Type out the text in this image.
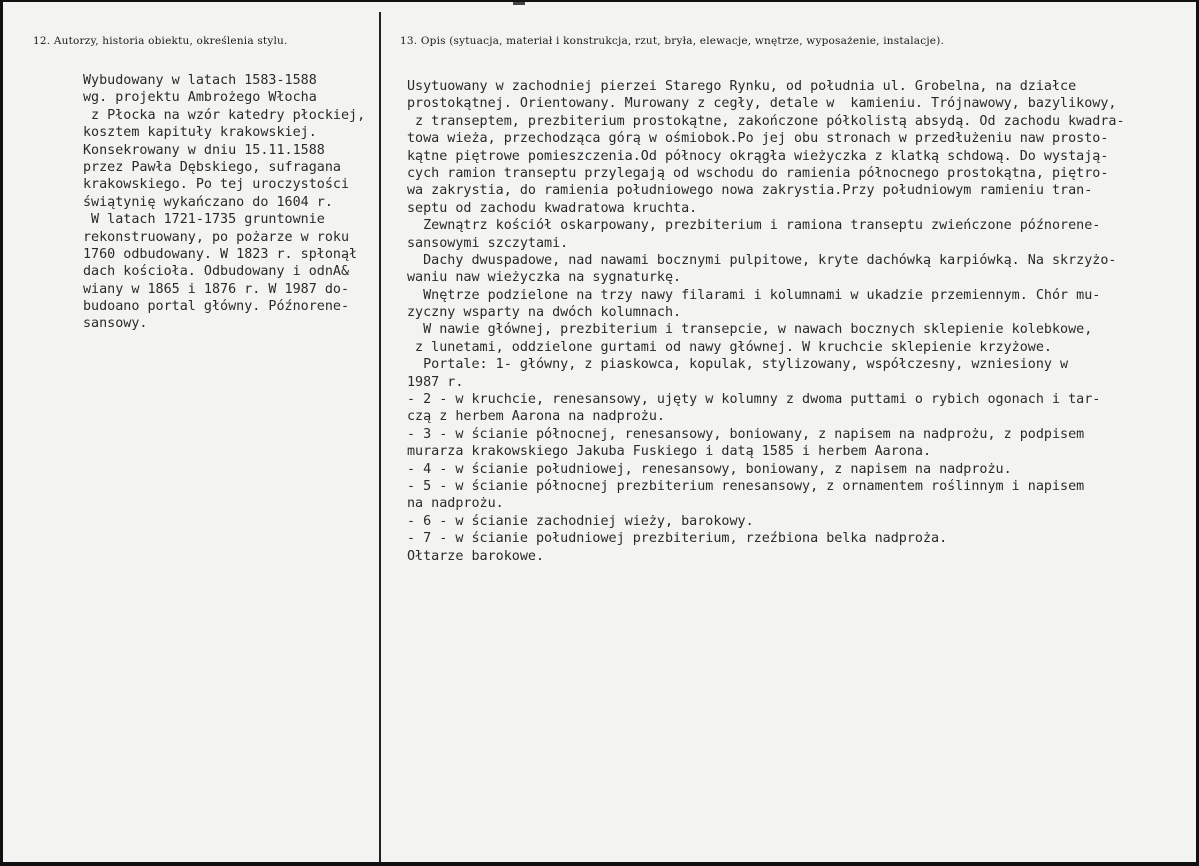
12. Autorzy, historia obiektu, określenia stylu.	13. Opis (sytuacja, materiał i konstrukcja, rzut, bryła, elewacje, wnętrze, wyposażenie, instalacje).
Wybudowany w latach 1583-1588
wg. projektu Ambrożego Włocha
z Płocka na wzór katedry płockiej,
kosztem kapituły krakowskiej.
Konsekrowany w dniu 15.11.1588
przez Pawła Dębskiego, sufragana
krakowskiego. Po tej uroczystości
świątynię wykańczano do 1604 r.
W latach 1721-1735 gruntownie
rekonstruowany, po pożarze w roku
1760 odbudowany. W 1823 r. spłonął
dach kościoła. Odbudowany i odnA&
wiany w 1865 i 1876 r. W 1987 do-
budoano portal główny. Późnorene-
sansowy.
Usytuowany w zachodniej pierzei Starego Rynku, od południa ul. Grobelna, na działce
prostokątnej. Orientowany. Murowany z cegły, detale w  kamieniu. Trójnawowy, bazylikowy,
z transeptem, prezbiterium prostokątne, zakończone półkolistą absydą. Od zachodu kwadra-
towa wieża, przechodząca górą w ośmiobok.Po jej obu stronach w przedłużeniu naw prosto-
kątne piętrowe pomieszczenia.Od północy okrągła wieżyczka z klatką schdową. Do wystają-
cych ramion transeptu przylegają od wschodu do ramienia północnego prostokątna, piętro-
wa zakrystia, do ramienia południowego nowa zakrystia.Przy południowym ramieniu tran-
septu od zachodu kwadratowa kruchta.
Zewnątrz kościół oskarpowany, prezbiterium i ramiona transeptu zwieńczone późnorene-
sansowymi szczytami.
Dachy dwuspadowe, nad nawami bocznymi pulpitowe, kryte dachówką karpiówką. Na skrzyżo-
waniu naw wieżyczka na sygnaturkę.
Wnętrze podzielone na trzy nawy filarami i kolumnami w ukadzie przemiennym. Chór mu-
zyczny wsparty na dwóch kolumnach.
W nawie głównej, prezbiterium i transepcie, w nawach bocznych sklepienie kolebkowe,
z lunetami, oddzielone gurtami od nawy głównej. W kruchcie sklepienie krzyżowe.
Portale: 1- główny, z piaskowca, kopulak, stylizowany, współczesny, wzniesiony w
1987 r.
- 2 - w kruchcie, renesansowy, ujęty w kolumny z dwoma puttami o rybich ogonach i tar-
czą z herbem Aarona na nadprożu.
- 3 - w ścianie północnej, renesansowy, boniowany, z napisem na nadprożu, z podpisem
murarza krakowskiego Jakuba Fuskiego i datą 1585 i herbem Aarona.
- 4 - w ścianie południowej, renesansowy, boniowany, z napisem na nadprożu.
- 5 - w ścianie północnej prezbiterium renesansowy, z ornamentem roślinnym i napisem
na nadprożu.
- 6 - w ścianie zachodniej wieży, barokowy.
- 7 - w ścianie południowej prezbiterium, rzeźbiona belka nadproża.
Ołtarze barokowe.
